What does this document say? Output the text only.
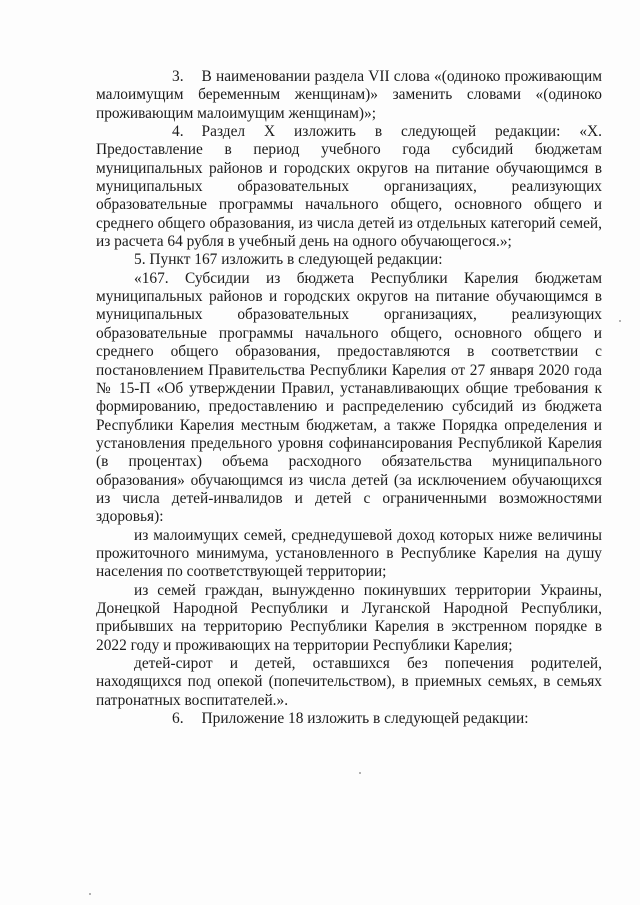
3. В наименовании раздела VII слова «(одиноко проживающим малоимущим беременным женщинам)» заменить словами «(одиноко проживающим малоимущим женщинам)»;

4. Раздел X изложить в следующей редакции: «X. Предоставление в период учебного года субсидий бюджетам муниципальных районов и городских округов на питание обучающимся в муниципальных образовательных организациях, реализующих образовательные программы начального общего, основного общего и среднего общего образования, из числа детей из отдельных категорий семей, из расчета 64 рубля в учебный день на одного обучающегося.»;

5. Пункт 167 изложить в следующей редакции:

«167. Субсидии из бюджета Республики Карелия бюджетам муниципальных районов и городских округов на питание обучающимся в муниципальных образовательных организациях, реализующих образовательные программы начального общего, основного общего и среднего общего образования, предоставляются в соответствии с постановлением Правительства Республики Карелия от 27 января 2020 года № 15-П «Об утверждении Правил, устанавливающих общие требования к формированию, предоставлению и распределению субсидий из бюджета Республики Карелия местным бюджетам, а также Порядка определения и установления предельного уровня софинансирования Республикой Карелия (в процентах) объема расходного обязательства муниципального образования» обучающимся из числа детей (за исключением обучающихся из числа детей-инвалидов и детей с ограниченными возможностями здоровья):

из малоимущих семей, среднедушевой доход которых ниже величины прожиточного минимума, установленного в Республике Карелия на душу населения по соответствующей территории;

из семей граждан, вынужденно покинувших территории Украины, Донецкой Народной Республики и Луганской Народной Республики, прибывших на территорию Республики Карелия в экстренном порядке в 2022 году и проживающих на территории Республики Карелия;

детей-сирот и детей, оставшихся без попечения родителей, находящихся под опекой (попечительством), в приемных семьях, в семьях патронатных воспитателей.».

6. Приложение 18 изложить в следующей редакции:
